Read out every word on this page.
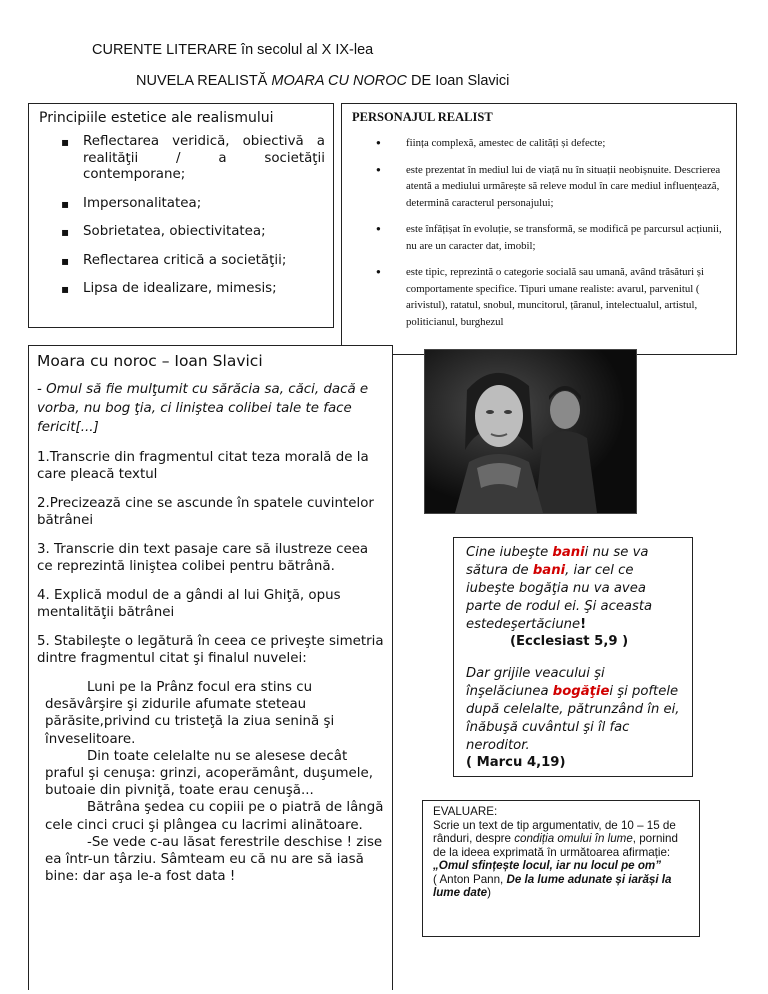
CURENTE LITERARE în secolul al X IX-lea
NUVELA REALISTĂ MOARA CU NOROC DE Ioan Slavici
Principiile estetice ale realismului
▪ Reflectarea veridică, obiectivă a realităţii / a societăţii contemporane;
▪ Impersonalitatea;
▪ Sobrietatea, obiectivitatea;
▪ Reflectarea critică a societăţii;
▪ Lipsa de idealizare, mimesis;
PERSONAJUL REALIST
● ființa complexă, amestec de calități și defecte;
● este prezentat în mediul lui de viață nu în situații neobișnuite. Descrierea atentă a mediului urmărește să releve modul în care mediul influențează, determină caracterul personajului;
● este înfățișat în evoluție, se transformă, se modifică pe parcursul acțiunii, nu are un caracter dat, imobil;
● este tipic, reprezintă o categorie socială sau umană, având trăsături și comportamente specifice. Tipuri umane realiste: avarul, parvenitul ( arivistul), ratatul, snobul, muncitorul, țăranul, intelectualul, artistul, politicianul, burghezul
Moara cu noroc – Ioan Slavici

- Omul să fie mulţumit cu sărăcia sa, căci, dacă e vorba, nu bog ţia, ci liniştea colibei tale te face fericit[...]

1.Transcrie din fragmentul citat teza morală de la care pleacă textul

2.Precizează cine se ascunde în spatele cuvintelor bătrânei

3. Transcrie din text pasaje care să ilustreze ceea ce reprezintă liniştea colibei pentru bătrână.

4. Explică modul de a gândi al lui Ghiţă, opus mentalităţii bătrânei

5. Stabileşte o legătură în ceea ce priveşte simetria dintre fragmentul citat şi finalul nuvelei:

Luni pe la Prânz focul era stins cu desăvârşire şi zidurile afumate steteau părăsite,privind cu tristeţă la ziua senină şi înveselitoare.

Din toate celelalte nu se alesese decât praful şi cenuşa: grinzi, acoperământ, duşumele, butoaie din pivniţă, toate erau cenuşă...

Bătrâna şedea cu copiii pe o piatră de lângă cele cinci cruci şi plângea cu lacrimi alinătoare.

-Se vede c-au lăsat ferestrile deschise ! zise ea într-un târziu. Sâmteam eu că nu are să iasă bine: dar aşa le-a fost data !

Cine iubeşte banii nu se va sătura de bani, iar cel ce iubeşte bogăţia nu va avea parte de rodul ei. Şi aceasta estedeşertăciune!

(Ecclesiast 5,9 )

Dar grijile veacului şi înşelăciunea bogăţiei şi poftele după celelalte, pătrunzând în ei, înăbuşă cuvântul şi îl fac neroditor.

( Marcu 4,19)

EVALUARE:

Scrie un text de tip argumentativ, de 10 – 15 de rânduri, despre condiția omului în lume, pornind de la ideea exprimată în următoarea afirmație: „Omul sfințește locul, iar nu locul pe om”

( Anton Pann, De la lume adunate și iarăși la lume date)
